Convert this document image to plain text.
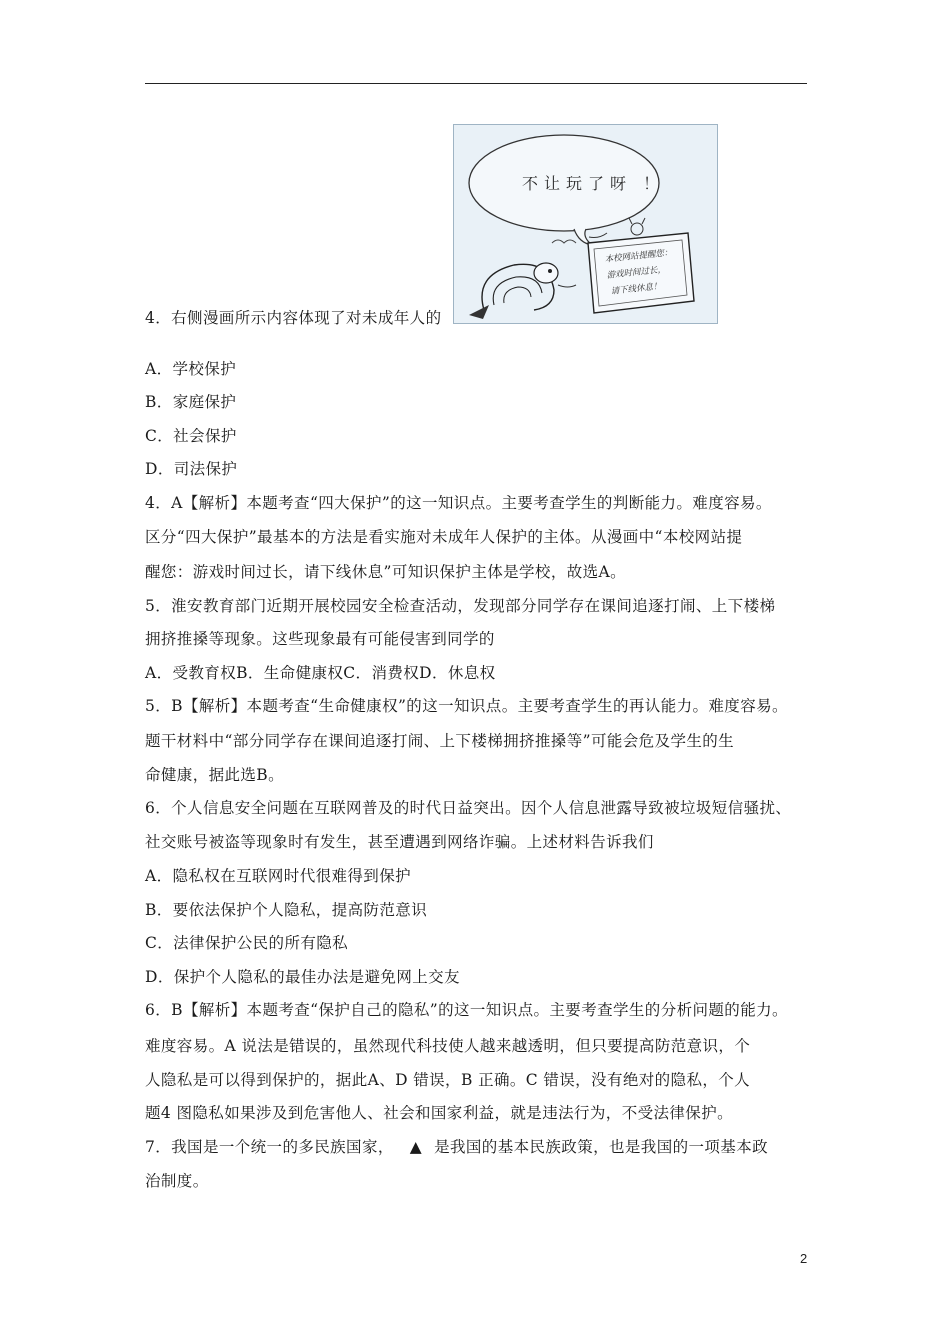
不让玩了呀 ！
本校网站提醒您：
游戏时间过长，
请下线休息！
4．右侧漫画所示内容体现了对未成年人的
A．学校保护
B．家庭保护
C．社会保护
D．司法保护
4．A【解析】本题考查“四大保护”的这一知识点。主要考查学生的判断能力。难度容易。
区分“四大保护”最基本的方法是看实施对未成年人保护的主体。从漫画中“本校网站提
醒您：游戏时间过长，请下线休息”可知识保护主体是学校，故选A。
5．淮安教育部门近期开展校园安全检查活动，发现部分同学存在课间追逐打闹、上下楼梯
拥挤推搡等现象。这些现象最有可能侵害到同学的
A．受教育权B．生命健康权C．消费权D．休息权
5．B【解析】本题考查“生命健康权”的这一知识点。主要考查学生的再认能力。难度容易。
题干材料中“部分同学存在课间追逐打闹、上下楼梯拥挤推搡等”可能会危及学生的生
命健康，据此选B。
6．个人信息安全问题在互联网普及的时代日益突出。因个人信息泄露导致被垃圾短信骚扰、
社交账号被盗等现象时有发生，甚至遭遇到网络诈骗。上述材料告诉我们
A．隐私权在互联网时代很难得到保护
B．要依法保护个人隐私，提高防范意识
C．法律保护公民的所有隐私
D．保护个人隐私的最佳办法是避免网上交友
6．B【解析】本题考查“保护自己的隐私”的这一知识点。主要考查学生的分析问题的能力。
难度容易。A 说法是错误的，虽然现代科技使人越来越透明，但只要提高防范意识，个
人隐私是可以得到保护的，据此A、D 错误，B 正确。C 错误，没有绝对的隐私，个人
题4 图隐私如果涉及到危害他人、社会和国家利益，就是违法行为，不受法律保护。
7．我国是一个统一的多民族国家， ▲ 是我国的基本民族政策，也是我国的一项基本政
治制度。
2
